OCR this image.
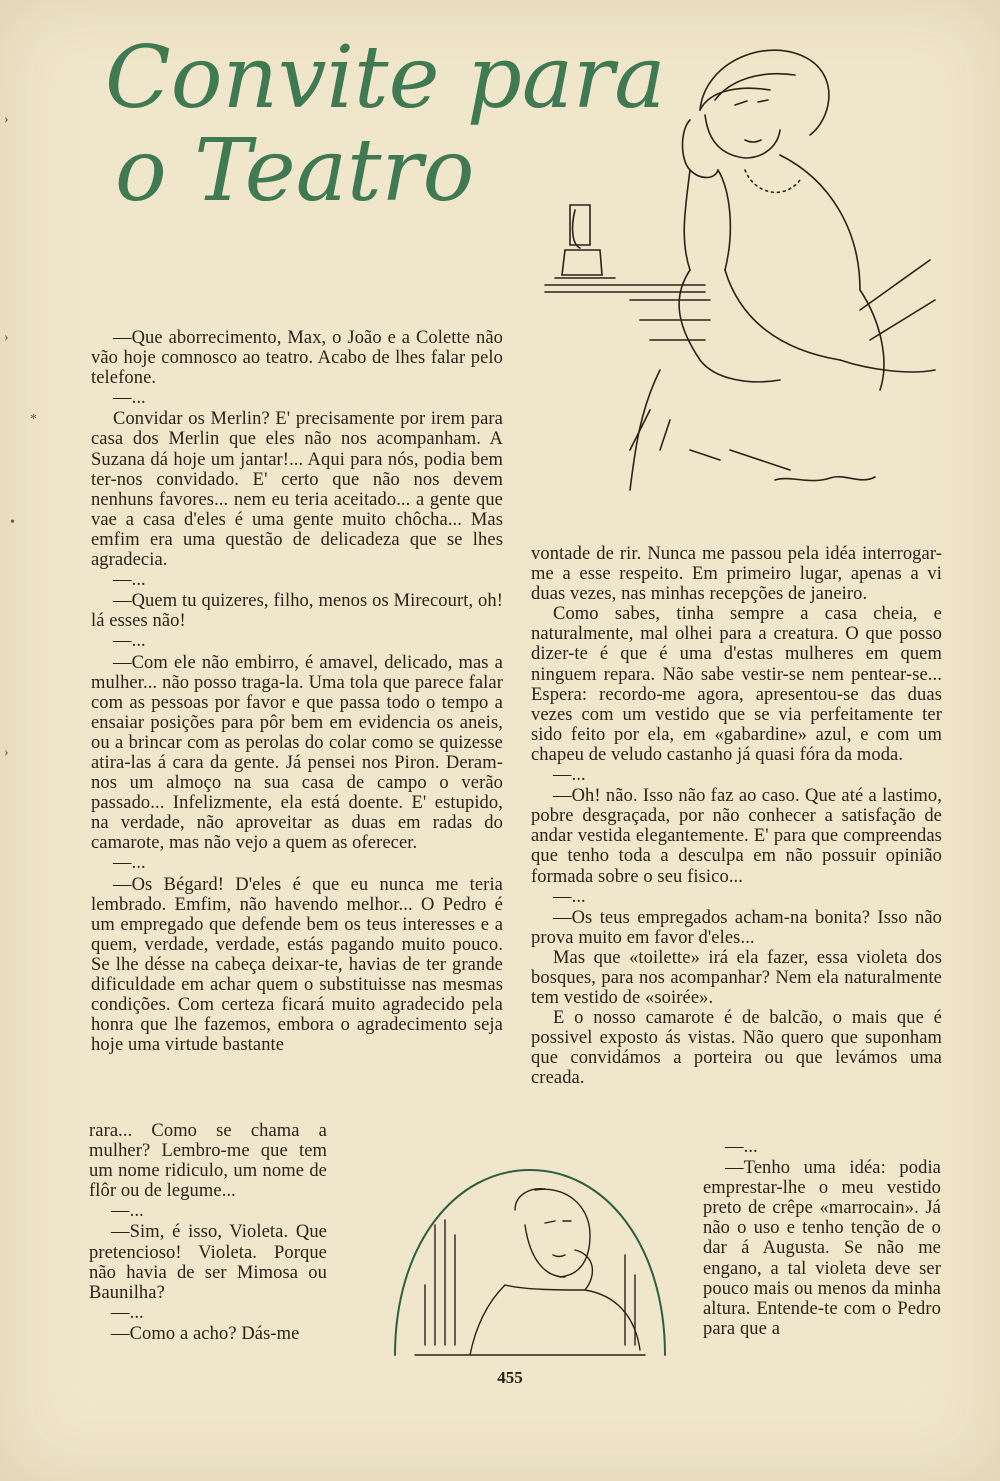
Convite para
o Teatro

—Que aborrecimento, Max, o João e a Colette não vão hoje comnosco ao teatro. Acabo de lhes falar pelo telefone.

—...

Convidar os Merlin? E' precisamente por irem para casa dos Merlin que eles não nos acompanham. A Suzana dá hoje um jantar!... Aqui para nós, podia bem ter-nos convidado. E' certo que não nos devem nenhuns favores... nem eu teria aceitado... a gente que vae a casa d'eles é uma gente muito chôcha... Mas emfim era uma questão de delicadeza que se lhes agradecia.

—...

—Quem tu quizeres, filho, menos os Mirecourt, oh! lá esses não!

—...

—Com ele não embirro, é amavel, delicado, mas a mulher... não posso traga-la. Uma tola que parece falar com as pessoas por favor e que passa todo o tempo a ensaiar posições para pôr bem em evidencia os aneis, ou a brincar com as perolas do colar como se quizesse atira-las á cara da gente. Já pensei nos Piron. Deram-nos um almoço na sua casa de campo o verão passado... Infelizmente, ela está doente. E' estupido, na verdade, não aproveitar as duas em radas do camarote, mas não vejo a quem as oferecer.

—...

—Os Bégard! D'eles é que eu nunca me teria lembrado. Emfim, não havendo melhor... O Pedro é um empregado que defende bem os teus interesses e a quem, verdade, verdade, estás pagando muito pouco. Se lhe désse na cabeça deixar-te, havias de ter grande dificuldade em achar quem o substituisse nas mesmas condições. Com certeza ficará muito agradecido pela honra que lhe fazemos, embora o agradecimento seja hoje uma virtude bastante

rara... Como se chama a mulher? Lembro-me que tem um nome ridiculo, um nome de flôr ou de legume...

—...

—Sim, é isso, Violeta. Que pretencioso! Violeta. Porque não havia de ser Mimosa ou Baunilha?

—...

—Como a acho? Dás-me

vontade de rir. Nunca me passou pela idéa interrogar-me a esse respeito. Em primeiro lugar, apenas a vi duas vezes, nas minhas recepções de janeiro.

Como sabes, tinha sempre a casa cheia, e naturalmente, mal olhei para a creatura. O que posso dizer-te é que é uma d'estas mulheres em quem ninguem repara. Não sabe vestir-se nem pentear-se... Espera: recordo-me agora, apresentou-se das duas vezes com um vestido que se via perfeitamente ter sido feito por ela, em «gabardine» azul, e com um chapeu de veludo castanho já quasi fóra da moda.

—...

—Oh! não. Isso não faz ao caso. Que até a lastimo, pobre desgraçada, por não conhecer a satisfação de andar vestida elegantemente. E' para que compreendas que tenho toda a desculpa em não possuir opinião formada sobre o seu fisico...

—...

—Os teus empregados acham-na bonita? Isso não prova muito em favor d'eles...

Mas que «toilette» irá ela fazer, essa violeta dos bosques, para nos acompanhar? Nem ela naturalmente tem vestido de «soirée».

E o nosso camarote é de balcão, o mais que é possivel exposto ás vistas. Não quero que suponham que convidámos a porteira ou que levámos uma creada.

—...

—Tenho uma idéa: podia emprestar-lhe o meu vestido preto de crêpe «marrocain». Já não o uso e tenho tenção de o dar á Augusta. Se não me engano, a tal violeta deve ser pouco mais ou menos da minha altura. Entende-te com o Pedro para que a

455
›
›
*
•
›
